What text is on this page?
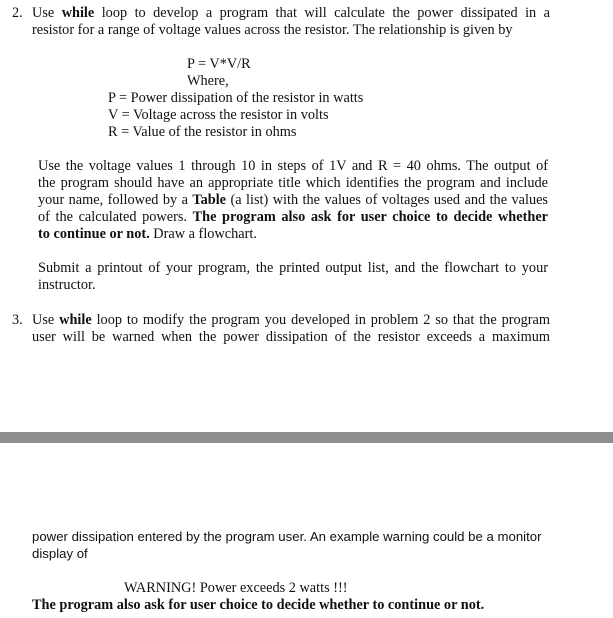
2. Use while loop to develop a program that will calculate the power dissipated in a
resistor for a range of voltage values across the resistor. The relationship is given by
P = V*V/R
Where,
P = Power dissipation of the resistor in watts
V = Voltage across the resistor in volts
R = Value of the resistor in ohms
Use the voltage values 1 through 10 in steps of 1V and R = 40 ohms. The output of
the program should have an appropriate title which identifies the program and include
your name, followed by a Table (a list) with the values of voltages used and the values
of the calculated powers. The program also ask for user choice to decide whether
to continue or not. Draw a flowchart.
Submit a printout of your program, the printed output list, and the flowchart to your
instructor.
3. Use while loop to modify the program you developed in problem 2 so that the program
user will be warned when the power dissipation of the resistor exceeds a maximum
power dissipation entered by the program user. An example warning could be a monitor
display of
WARNING! Power exceeds 2 watts !!!
The program also ask for user choice to decide whether to continue or not.
